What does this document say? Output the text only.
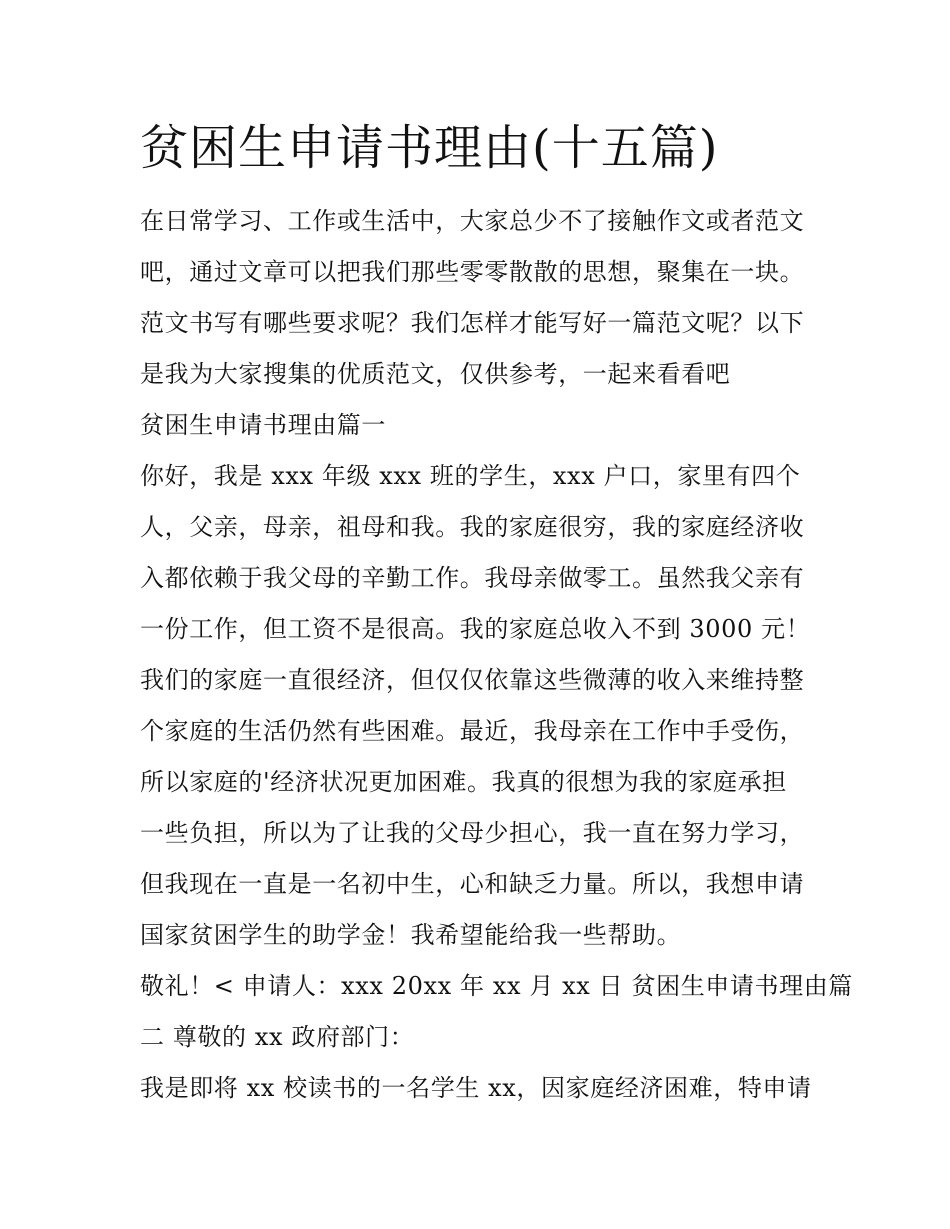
贫困生申请书理由(十五篇)

在日常学习、工作或生活中，大家总少不了接触作文或者范文

吧，通过文章可以把我们那些零零散散的思想，聚集在一块。

范文书写有哪些要求呢？我们怎样才能写好一篇范文呢？以下

是我为大家搜集的优质范文，仅供参考，一起来看看吧

贫困生申请书理由篇一

你好，我是 xxx 年级 xxx 班的学生，xxx 户口，家里有四个

人，父亲，母亲，祖母和我。我的家庭很穷，我的家庭经济收

入都依赖于我父母的辛勤工作。我母亲做零工。虽然我父亲有

一份工作，但工资不是很高。我的家庭总收入不到 3000 元！

我们的家庭一直很经济，但仅仅依靠这些微薄的收入来维持整

个家庭的生活仍然有些困难。最近，我母亲在工作中手受伤，

所以家庭的'经济状况更加困难。我真的很想为我的家庭承担

一些负担，所以为了让我的父母少担心，我一直在努力学习，

但我现在一直是一名初中生，心和缺乏力量。所以，我想申请

国家贫困学生的助学金！我希望能给我一些帮助。

敬礼！< 申请人：xxx 20xx 年 xx 月 xx 日 贫困生申请书理由篇

二 尊敬的 xx 政府部门：

我是即将 xx 校读书的一名学生 xx，因家庭经济困难，特申请
